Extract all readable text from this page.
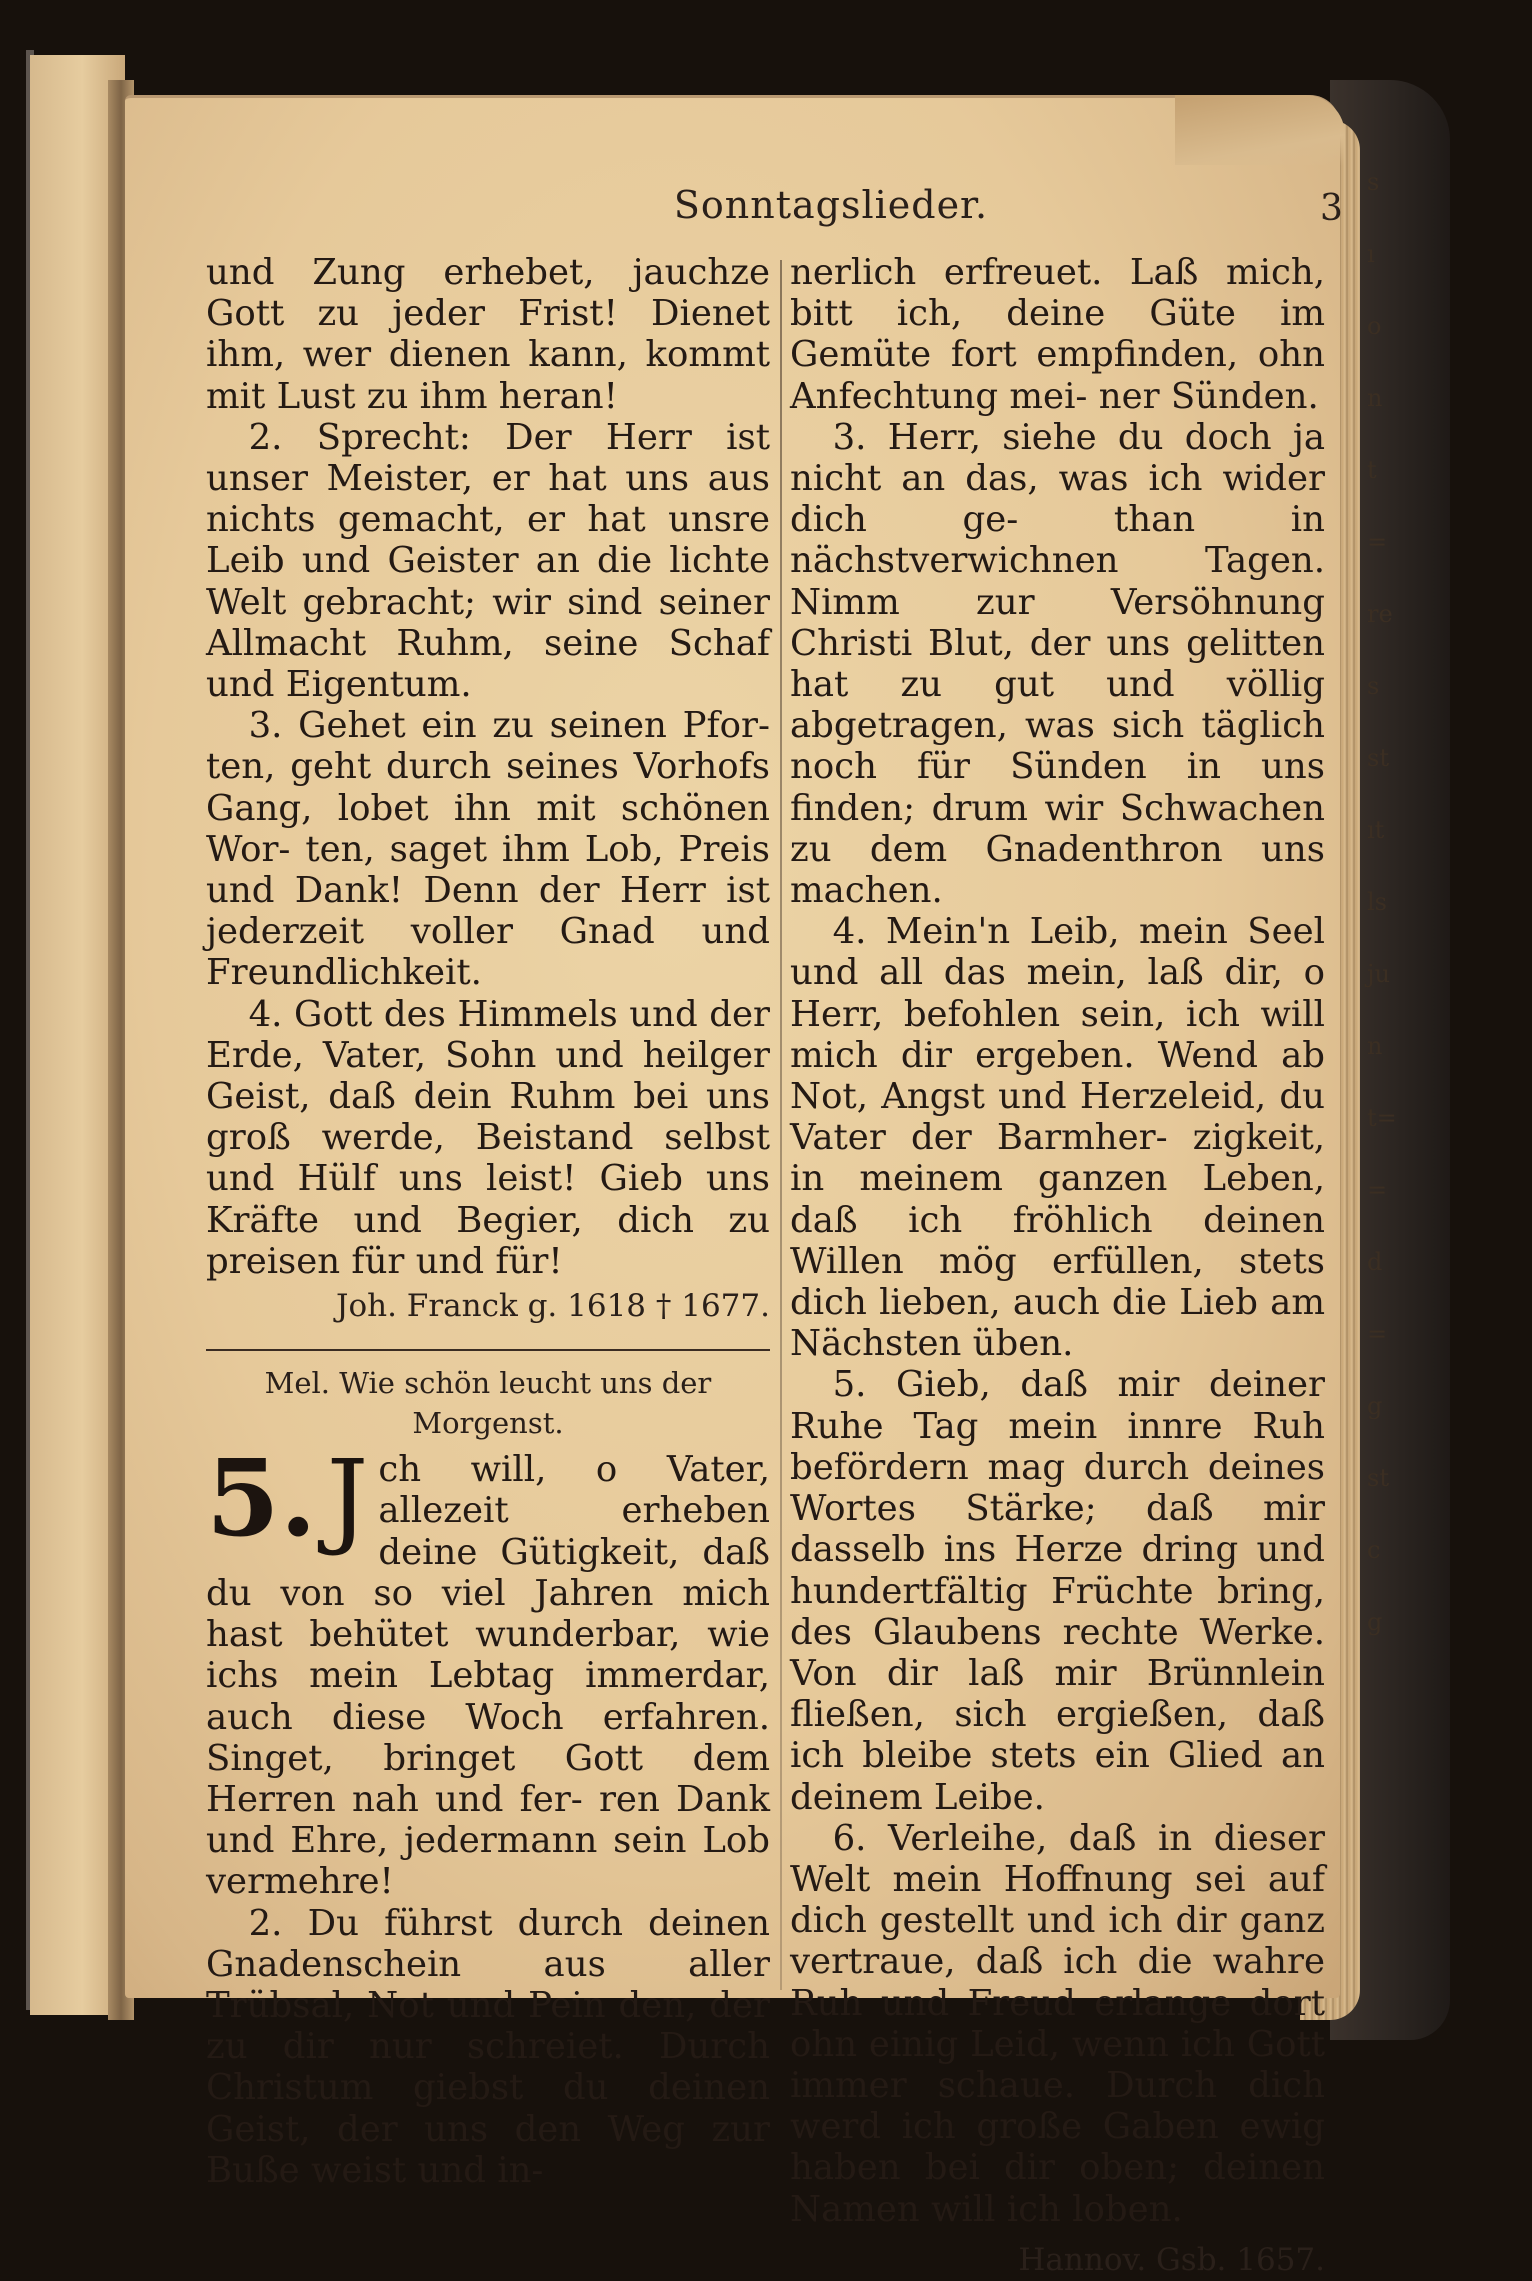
Sonntagslieder.	3
s
ı
o
n
t
=
re
s
st
ıt
ls
ju
n
t=
=
d
=
g
st
c
g

und Zung erhebet, jauchze Gott zu jeder Frist! Dienet ihm, wer dienen kann, kommt mit Lust zu ihm heran!

2. Sprecht: Der Herr ist unser Meister, er hat uns aus nichts gemacht, er hat unsre Leib und Geister an die lichte Welt gebracht; wir sind seiner Allmacht Ruhm, seine Schaf und Eigentum.

3. Gehet ein zu seinen Pfor- ten, geht durch seines Vorhofs Gang, lobet ihn mit schönen Wor- ten, saget ihm Lob, Preis und Dank! Denn der Herr ist jederzeit voller Gnad und Freundlichkeit.

4. Gott des Himmels und der Erde, Vater, Sohn und heilger Geist, daß dein Ruhm bei uns groß werde, Beistand selbst und Hülf uns leist! Gieb uns Kräfte und Begier, dich zu preisen für und für!

Joh. Franck g. 1618 † 1677.

Mel. Wie schön leucht uns der Morgenst.

5. J ch will, o Vater, allezeit erheben deine Gütigkeit, daß du von so viel Jahren mich hast behütet wunderbar, wie ichs mein Lebtag immerdar, auch diese Woch erfahren. Singet, bringet Gott dem Herren nah und fer- ren Dank und Ehre, jedermann sein Lob vermehre!

2. Du führst durch deinen Gnadenschein aus aller Trübsal, Not und Pein den, der zu dir nur schreiet. Durch Christum giebst du deinen Geist, der uns den Weg zur Buße weist und in-

nerlich erfreuet. Laß mich, bitt ich, deine Güte im Gemüte fort empfinden, ohn Anfechtung mei- ner Sünden.

3. Herr, siehe du doch ja nicht an das, was ich wider dich ge- than in nächstverwichnen Tagen. Nimm zur Versöhnung Christi Blut, der uns gelitten hat zu gut und völlig abgetragen, was sich täglich noch für Sünden in uns finden; drum wir Schwachen zu dem Gnadenthron uns machen.

4. Mein'n Leib, mein Seel und all das mein, laß dir, o Herr, befohlen sein, ich will mich dir ergeben. Wend ab Not, Angst und Herzeleid, du Vater der Barmher- zigkeit, in meinem ganzen Leben, daß ich fröhlich deinen Willen mög erfüllen, stets dich lieben, auch die Lieb am Nächsten üben.

5. Gieb, daß mir deiner Ruhe Tag mein innre Ruh befördern mag durch deines Wortes Stärke; daß mir dasselb ins Herze dring und hundertfältig Früchte bring, des Glaubens rechte Werke. Von dir laß mir Brünnlein fließen, sich ergießen, daß ich bleibe stets ein Glied an deinem Leibe.

6. Verleihe, daß in dieser Welt mein Hoffnung sei auf dich gestellt und ich dir ganz vertraue, daß ich die wahre Ruh und Freud erlange dort ohn einig Leid, wenn ich Gott immer schaue. Durch dich werd ich große Gaben ewig haben bei dir oben; deinen Namen will ich loben.

Hannov. Gsb. 1657.
